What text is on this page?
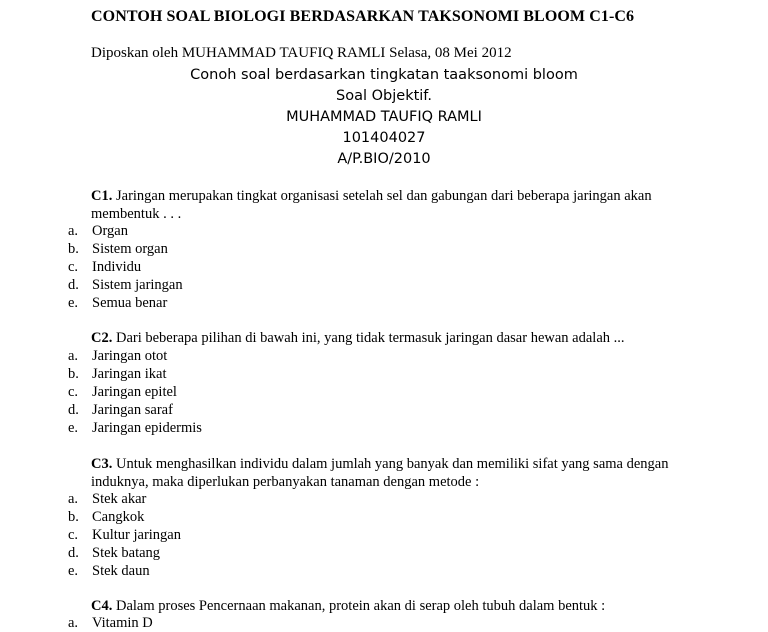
CONTOH SOAL BIOLOGI BERDASARKAN TAKSONOMI BLOOM C1-C6
Diposkan oleh MUHAMMAD TAUFIQ RAMLI Selasa, 08 Mei 2012
Conoh soal berdasarkan tingkatan taaksonomi bloom
Soal Objektif.
MUHAMMAD TAUFIQ RAMLI
101404027
A/P.BIO/2010
C1. Jaringan merupakan tingkat organisasi setelah sel dan gabungan dari beberapa jaringan akan membentuk . . .
a. Organ
b. Sistem organ
c. Individu
d. Sistem jaringan
e. Semua benar
C2. Dari beberapa pilihan di bawah ini, yang tidak termasuk jaringan dasar hewan adalah ...
a. Jaringan otot
b. Jaringan ikat
c. Jaringan epitel
d. Jaringan saraf
e. Jaringan epidermis
C3. Untuk menghasilkan individu dalam jumlah yang banyak dan memiliki sifat yang sama dengan induknya, maka diperlukan perbanyakan tanaman dengan metode :
a. Stek akar
b. Cangkok
c. Kultur jaringan
d. Stek batang
e. Stek daun
C4. Dalam proses Pencernaan makanan, protein akan di serap oleh tubuh dalam bentuk :
a. Vitamin D
